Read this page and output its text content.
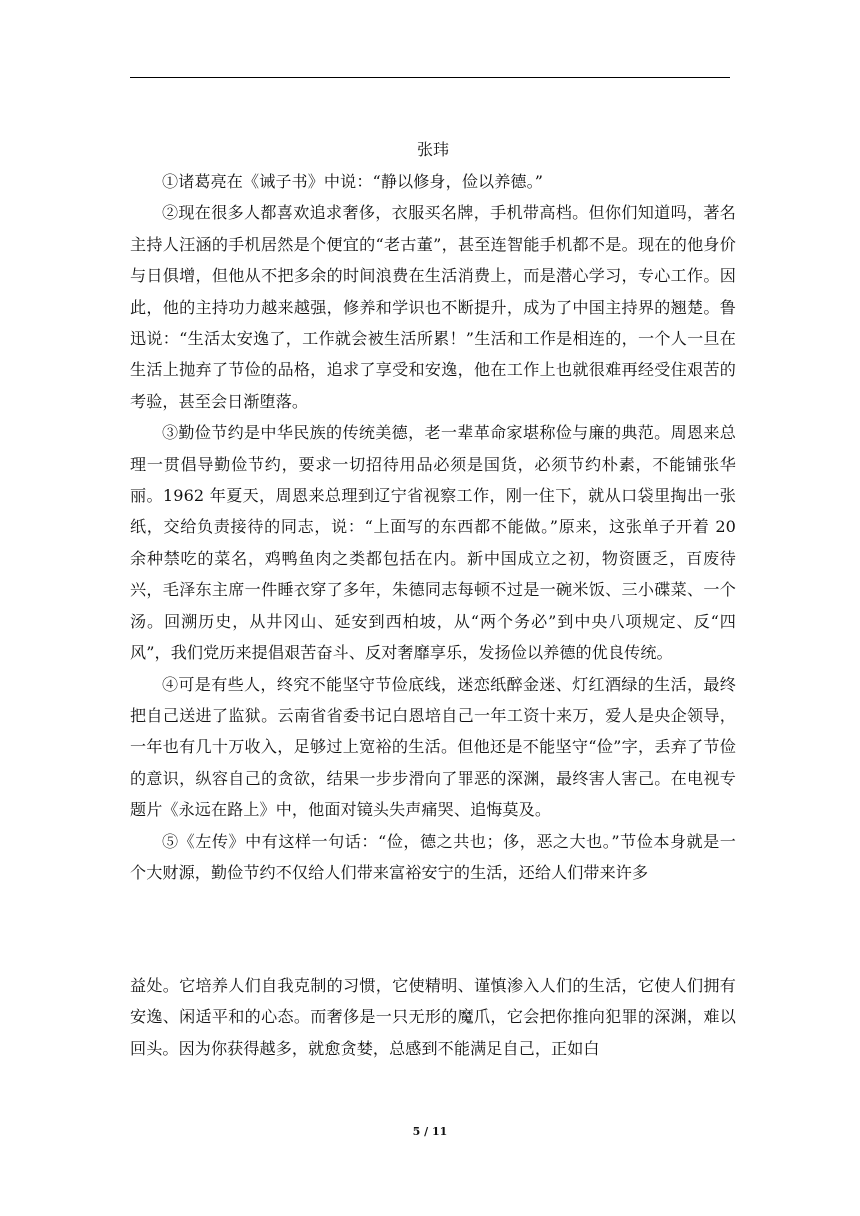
张玮

①诸葛亮在《诫子书》中说：“静以修身，俭以养德。”

②现在很多人都喜欢追求奢侈，衣服买名牌，手机带高档。但你们知道吗，著名主持人汪涵的手机居然是个便宜的“老古董”，甚至连智能手机都不是。现在的他身价与日俱增，但他从不把多余的时间浪费在生活消费上，而是潜心学习，专心工作。因此，他的主持功力越来越强，修养和学识也不断提升，成为了中国主持界的翘楚。鲁迅说：“生活太安逸了，工作就会被生活所累！”生活和工作是相连的，一个人一旦在生活上抛弃了节俭的品格，追求了享受和安逸，他在工作上也就很难再经受住艰苦的考验，甚至会日渐堕落。

③勤俭节约是中华民族的传统美德，老一辈革命家堪称俭与廉的典范。周恩来总理一贯倡导勤俭节约，要求一切招待用品必须是国货，必须节约朴素，不能铺张华丽。1962 年夏天，周恩来总理到辽宁省视察工作，刚一住下，就从口袋里掏出一张纸，交给负责接待的同志，说：“上面写的东西都不能做。”原来，这张单子开着 20 余种禁吃的菜名，鸡鸭鱼肉之类都包括在内。新中国成立之初，物资匮乏，百废待兴，毛泽东主席一件睡衣穿了多年，朱德同志每顿不过是一碗米饭、三小碟菜、一个汤。回溯历史，从井冈山、延安到西柏坡，从“两个务必”到中央八项规定、反“四风”，我们党历来提倡艰苦奋斗、反对奢靡享乐，发扬俭以养德的优良传统。

④可是有些人，终究不能坚守节俭底线，迷恋纸醉金迷、灯红酒绿的生活，最终把自己送进了监狱。云南省省委书记白恩培自己一年工资十来万，爱人是央企领导，一年也有几十万收入，足够过上宽裕的生活。但他还是不能坚守“俭”字，丢弃了节俭的意识，纵容自己的贪欲，结果一步步滑向了罪恶的深渊，最终害人害己。在电视专题片《永远在路上》中，他面对镜头失声痛哭、追悔莫及。

⑤《左传》中有这样一句话：“俭，德之共也；侈，恶之大也。”节俭本身就是一个大财源，勤俭节约不仅给人们带来富裕安宁的生活，还给人们带来许多

益处。它培养人们自我克制的习惯，它使精明、谨慎渗入人们的生活，它使人们拥有安逸、闲适平和的心态。而奢侈是一只无形的魔爪，它会把你推向犯罪的深渊，难以回头。因为你获得越多，就愈贪婪，总感到不能满足自己，正如白

5 / 11
